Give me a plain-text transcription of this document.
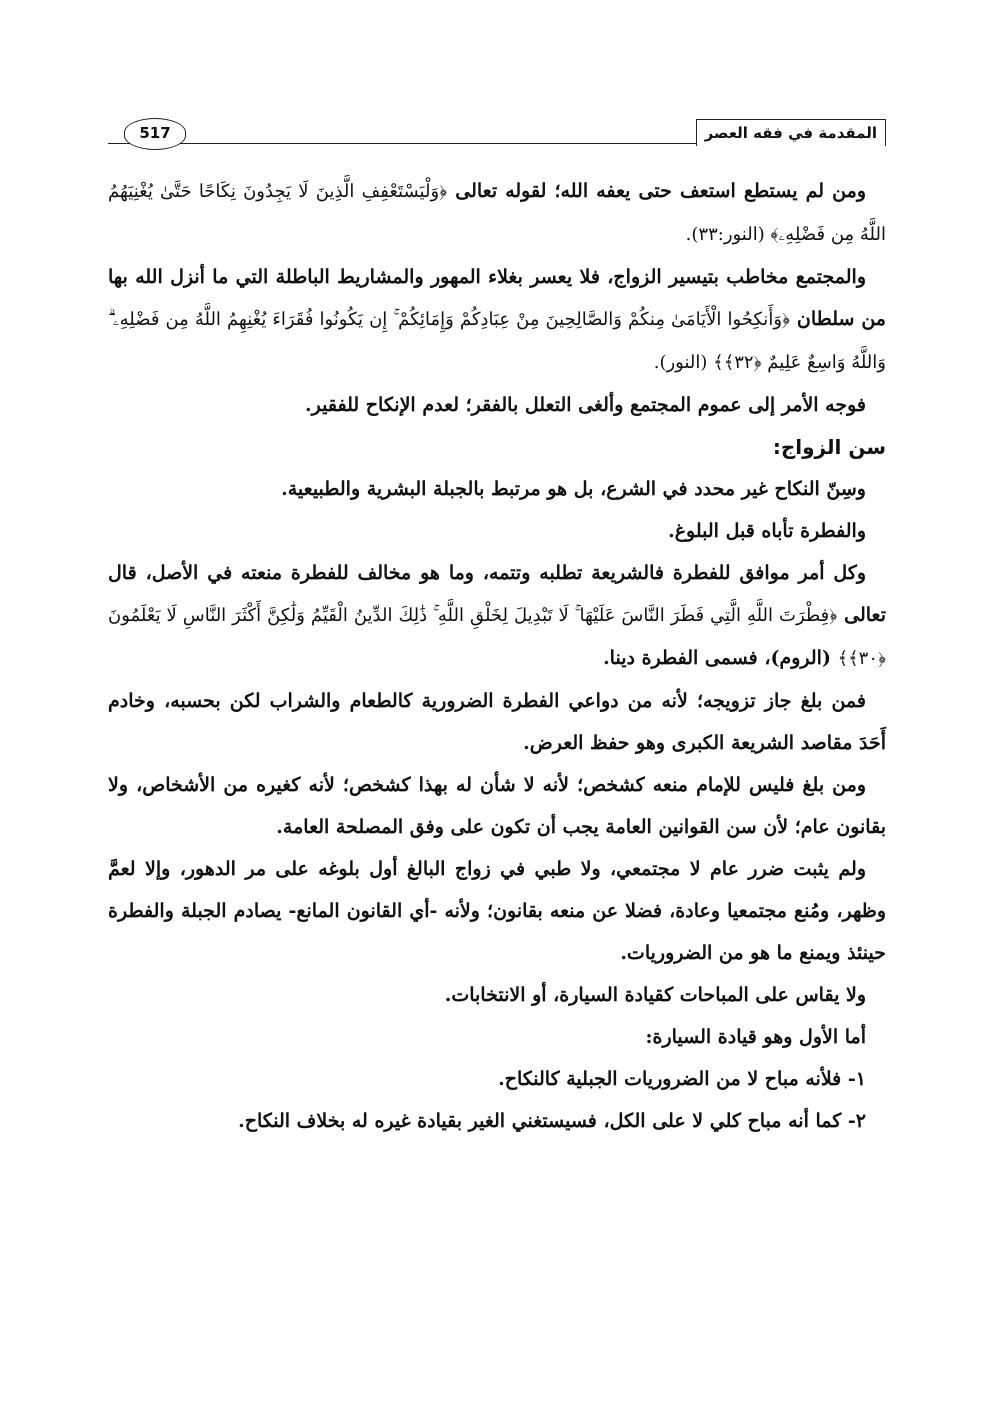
المقدمة في فقه العصر
517

ومن لم يستطع استعف حتى يعفه الله؛ لقوله تعالى ﴿وَلْيَسْتَعْفِفِ الَّذِينَ لَا يَجِدُونَ نِكَاحًا حَتَّىٰ يُغْنِيَهُمُ اللَّهُ مِن فَضْلِهِۦ﴾ (النور:٣٣).

والمجتمع مخاطب بتيسير الزواج، فلا يعسر بغلاء المهور والمشاريط الباطلة التي ما أنزل الله بها من سلطان ﴿وَأَنكِحُوا الْأَيَامَىٰ مِنكُمْ وَالصَّالِحِينَ مِنْ عِبَادِكُمْ وَإِمَائِكُمْ ۚ إِن يَكُونُوا فُقَرَاءَ يُغْنِهِمُ اللَّهُ مِن فَضْلِهِۦ ۗ وَاللَّهُ وَاسِعٌ عَلِيمٌ ﴿٣٢﴾﴾ (النور).

فوجه الأمر إلى عموم المجتمع وألغى التعلل بالفقر؛ لعدم الإنكاح للفقير.

سن الزواج:

وسِنّ النكاح غير محدد في الشرع، بل هو مرتبط بالجبلة البشرية والطبيعية.

والفطرة تأباه قبل البلوغ.

وكل أمر موافق للفطرة فالشريعة تطلبه وتتمه، وما هو مخالف للفطرة منعته في الأصل، قال تعالى ﴿فِطْرَتَ اللَّهِ الَّتِي فَطَرَ النَّاسَ عَلَيْهَا ۚ لَا تَبْدِيلَ لِخَلْقِ اللَّهِ ۚ ذَٰلِكَ الدِّينُ الْقَيِّمُ وَلَٰكِنَّ أَكْثَرَ النَّاسِ لَا يَعْلَمُونَ ﴿٣٠﴾﴾ (الروم)، فسمى الفطرة دينا.

فمن بلغ جاز تزويجه؛ لأنه من دواعي الفطرة الضرورية كالطعام والشراب لكن بحسبه، وخادم أَحَدَ مقاصد الشريعة الكبرى وهو حفظ العرض.

ومن بلغ فليس للإمام منعه كشخص؛ لأنه لا شأن له بهذا كشخص؛ لأنه كغيره من الأشخاص، ولا بقانون عام؛ لأن سن القوانين العامة يجب أن تكون على وفق المصلحة العامة.

ولم يثبت ضرر عام لا مجتمعي، ولا طبي في زواج البالغ أول بلوغه على مر الدهور، وإلا لعمَّ وظهر، ومُنع مجتمعيا وعادة، فضلا عن منعه بقانون؛ ولأنه -أي القانون المانع- يصادم الجبلة والفطرة حينئذ ويمنع ما هو من الضروريات.

ولا يقاس على المباحات كقيادة السيارة، أو الانتخابات.

أما الأول وهو قيادة السيارة:

١- فلأنه مباح لا من الضروريات الجبلية كالنكاح.

٢- كما أنه مباح كلي لا على الكل، فسيستغني الغير بقيادة غيره له بخلاف النكاح.
